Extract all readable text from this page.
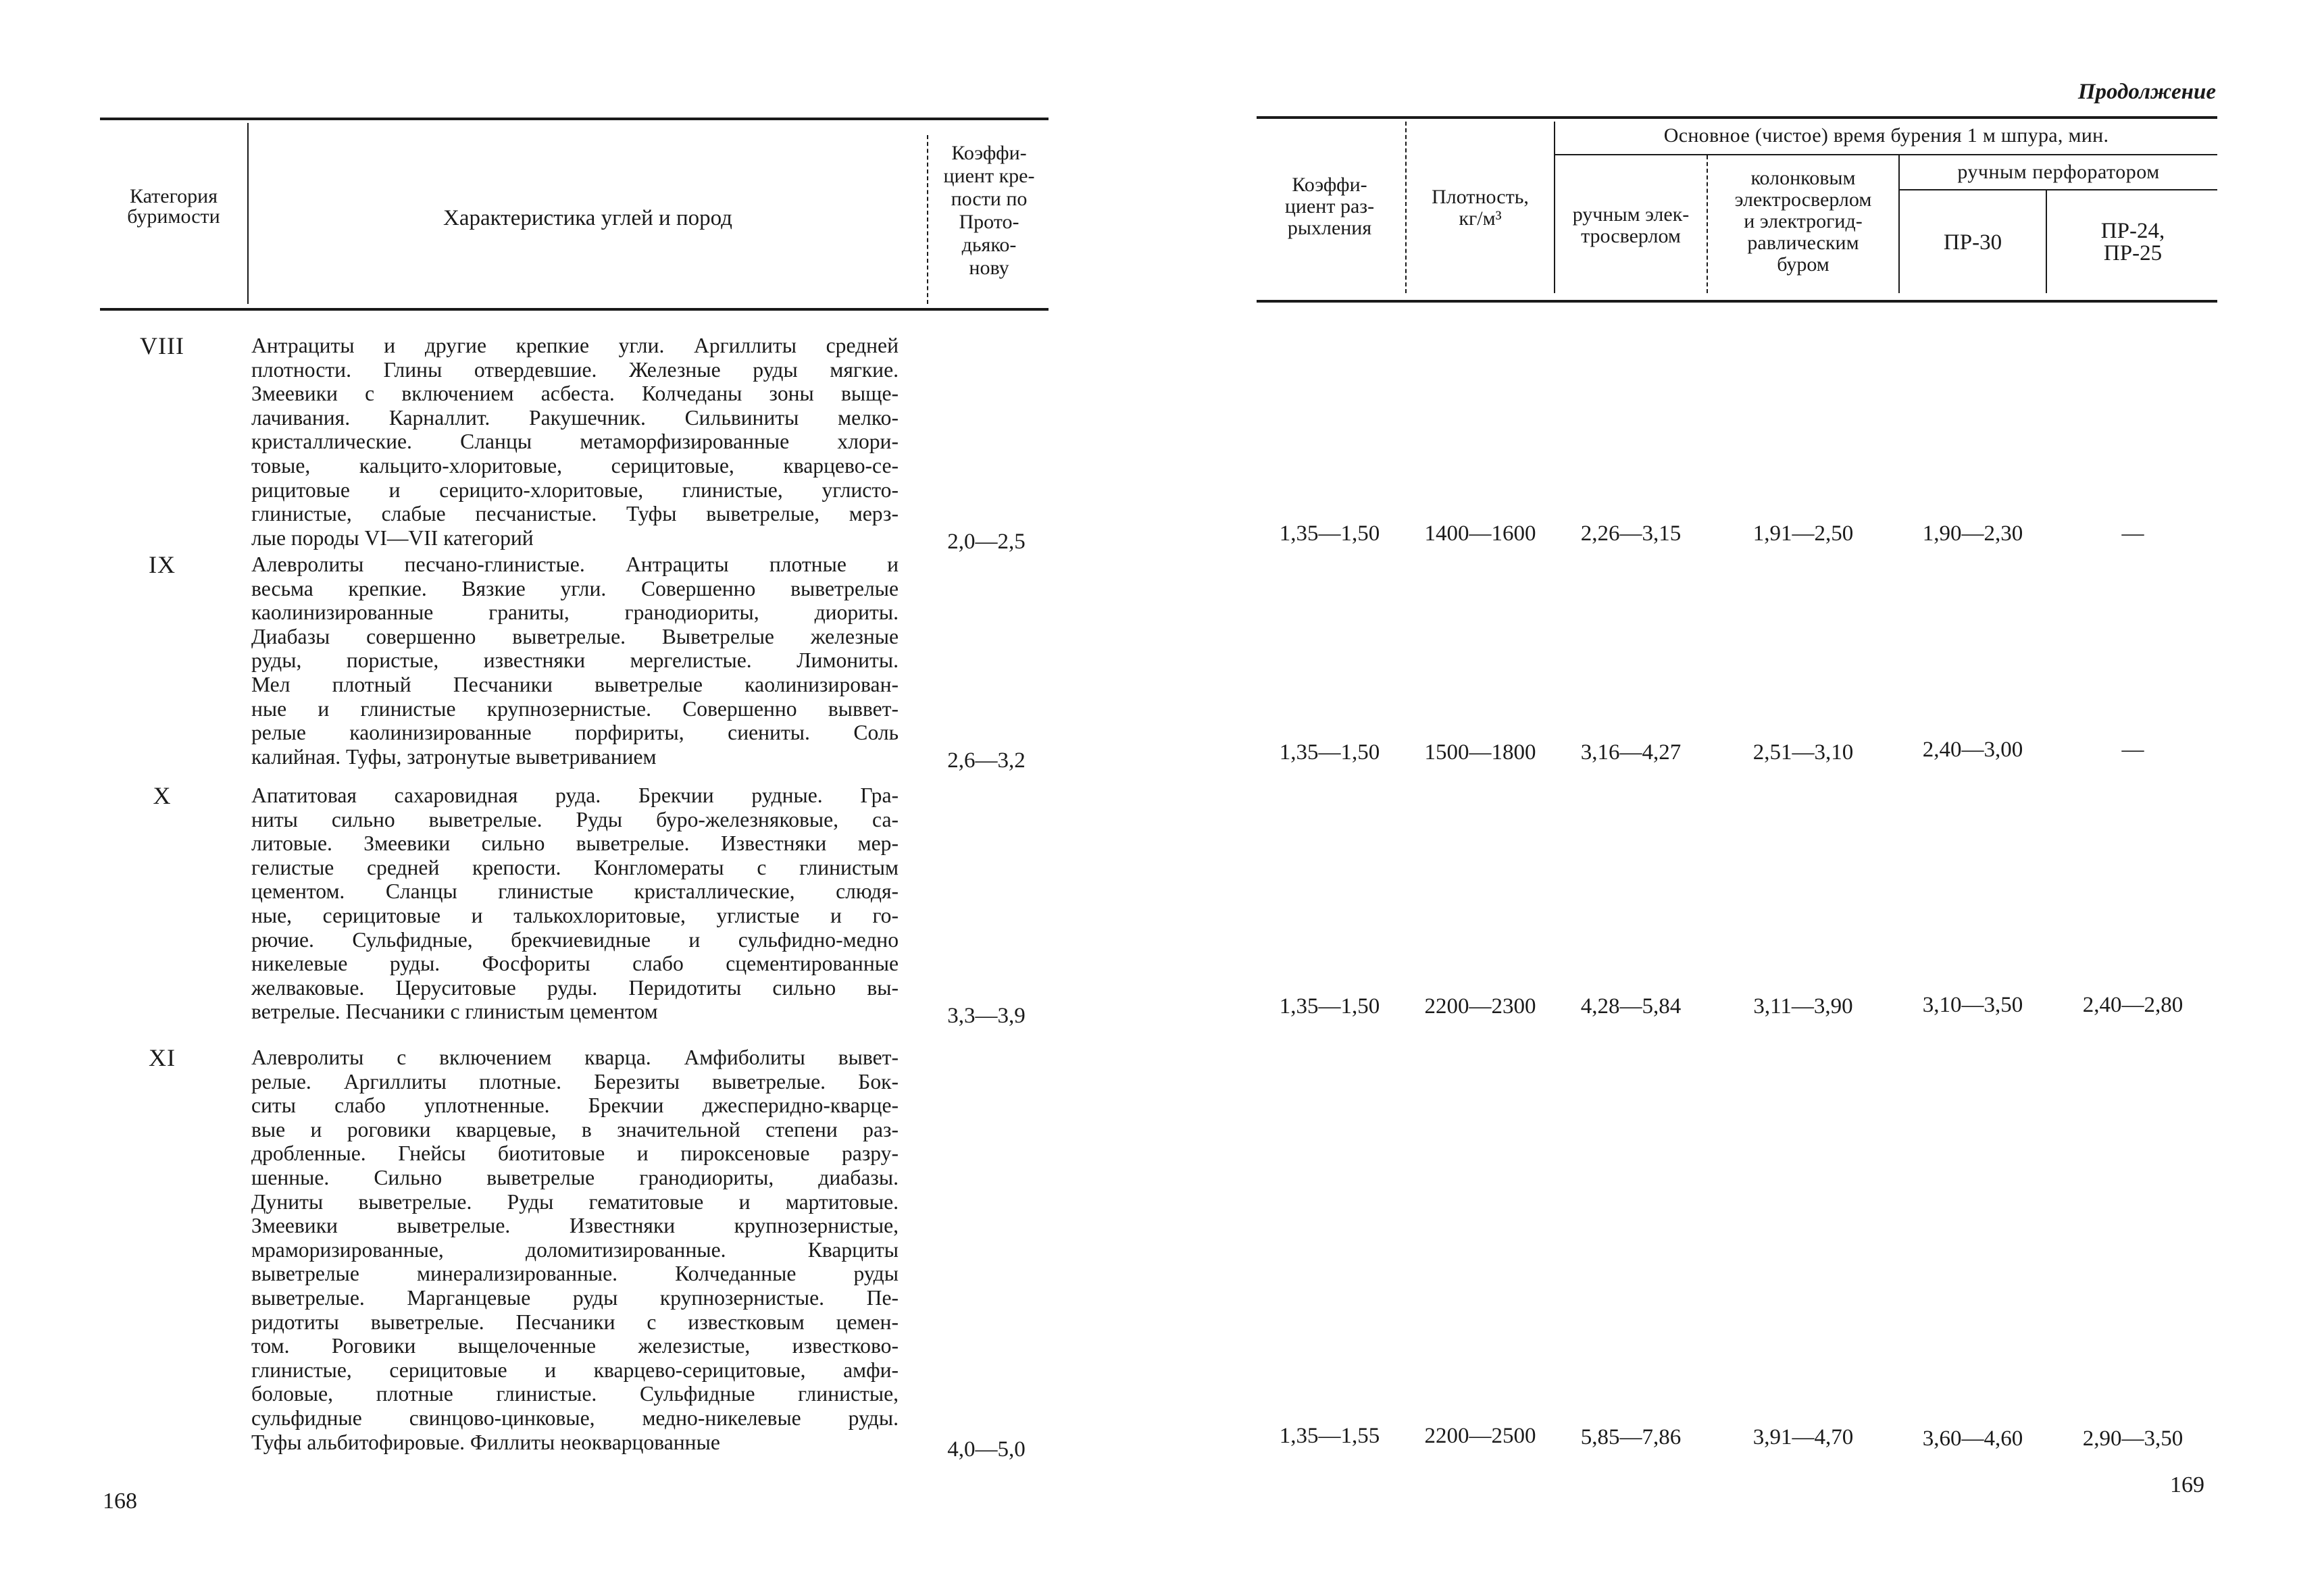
Категория
буримости	Характеристика углей и пород
Коэффи-
циент кре-
пости по
Прото-
дьяко-
нову
VIII	Антрациты и другие крепкие угли. Аргиллиты средней
плотности. Глины отвердевшие. Железные руды мягкие.
Змеевики с включением асбеста. Колчеданы зоны выще-
лачивания. Карналлит. Ракушечник. Сильвиниты мелко-
кристаллические. Сланцы метаморфизированные хлори-
товые, кальцито-хлоритовые, серицитовые, кварцево-се-
рицитовые и серицито-хлоритовые, глинистые, углисто-
глинистые, слабые песчанистые. Туфы выветрелые, мерз-
лые породы VI—VII категорий	2,0—2,5
IX	Алевролиты песчано-глинистые. Антрациты плотные и
весьма крепкие. Вязкие угли. Совершенно выветрелые
каолинизированные граниты, гранодиориты, диориты.
Диабазы совершенно выветрелые. Выветрелые железные
руды, пористые, известняки мергелистые. Лимониты.
Мел плотный Песчаники выветрелые каолинизирован-
ные и глинистые крупнозернистые. Совершенно выввет-
релые каолинизированные порфириты, сиениты. Соль
калийная. Туфы, затронутые выветриванием	2,6—3,2
X	Апатитовая сахаровидная руда. Брекчии рудные. Гра-
ниты сильно выветрелые. Руды буро-железняковые, са-
литовые. Змеевики сильно выветрелые. Известняки мер-
гелистые средней крепости. Конгломераты с глинистым
цементом. Сланцы глинистые кристаллические, слюдя-
ные, серицитовые и талькохлоритовые, углистые и го-
рючие. Сульфидные, брекчиевидные и сульфидно-медно
никелевые руды. Фосфориты слабо сцементированные
желваковые. Церуситовые руды. Перидотиты сильно вы-
ветрелые. Песчаники с глинистым цементом	3,3—3,9
XI	Алевролиты с включением кварца. Амфиболиты вывет-
релые. Аргиллиты плотные. Березиты выветрелые. Бок-
ситы слабо уплотненные. Брекчии джесперидно-кварце-
вые и роговики кварцевые, в значительной степени раз-
дробленные. Гнейсы биотитовые и пироксеновые разру-
шенные. Сильно выветрелые гранодиориты, диабазы.
Дуниты выветрелые. Руды гематитовые и мартитовые.
Змеевики выветрелые. Известняки крупнозернистые,
мраморизированные, доломитизированные. Кварциты
выветрелые минерализированные. Колчеданные руды
выветрелые. Марганцевые руды крупнозернистые. Пе-
ридотиты выветрелые. Песчаники с известковым цемен-
том. Роговики выщелоченные железистые, известково-
глинистые, серицитовые и кварцево-серицитовые, амфи-
боловые, плотные глинистые. Сульфидные глинистые,
сульфидные свинцово-цинковые, медно-никелевые руды.
Туфы альбитофировые. Филлиты неокварцованные	4,0—5,0
168
Продолжение
Коэффи-
циент раз-
рыхления
Плотность,
кг/м³
Основное (чистое) время бурения 1 м шпура, мин.
ручным элек-
тросверлом
колонковым
электросверлом
и электрогид-
равлическим
буром
ручным перфоратором
ПР-30	ПР-24,
ПР-25
1,35—1,50	1400—1600	2,26—3,15	1,91—2,50	1,90—2,30	—
1,35—1,50	1500—1800	3,16—4,27	2,51—3,10	2,40—3,00	—
1,35—1,50	2200—2300	4,28—5,84	3,11—3,90	3,10—3,50	2,40—2,80
1,35—1,55	2200—2500	5,85—7,86	3,91—4,70	3,60—4,60	2,90—3,50
169
